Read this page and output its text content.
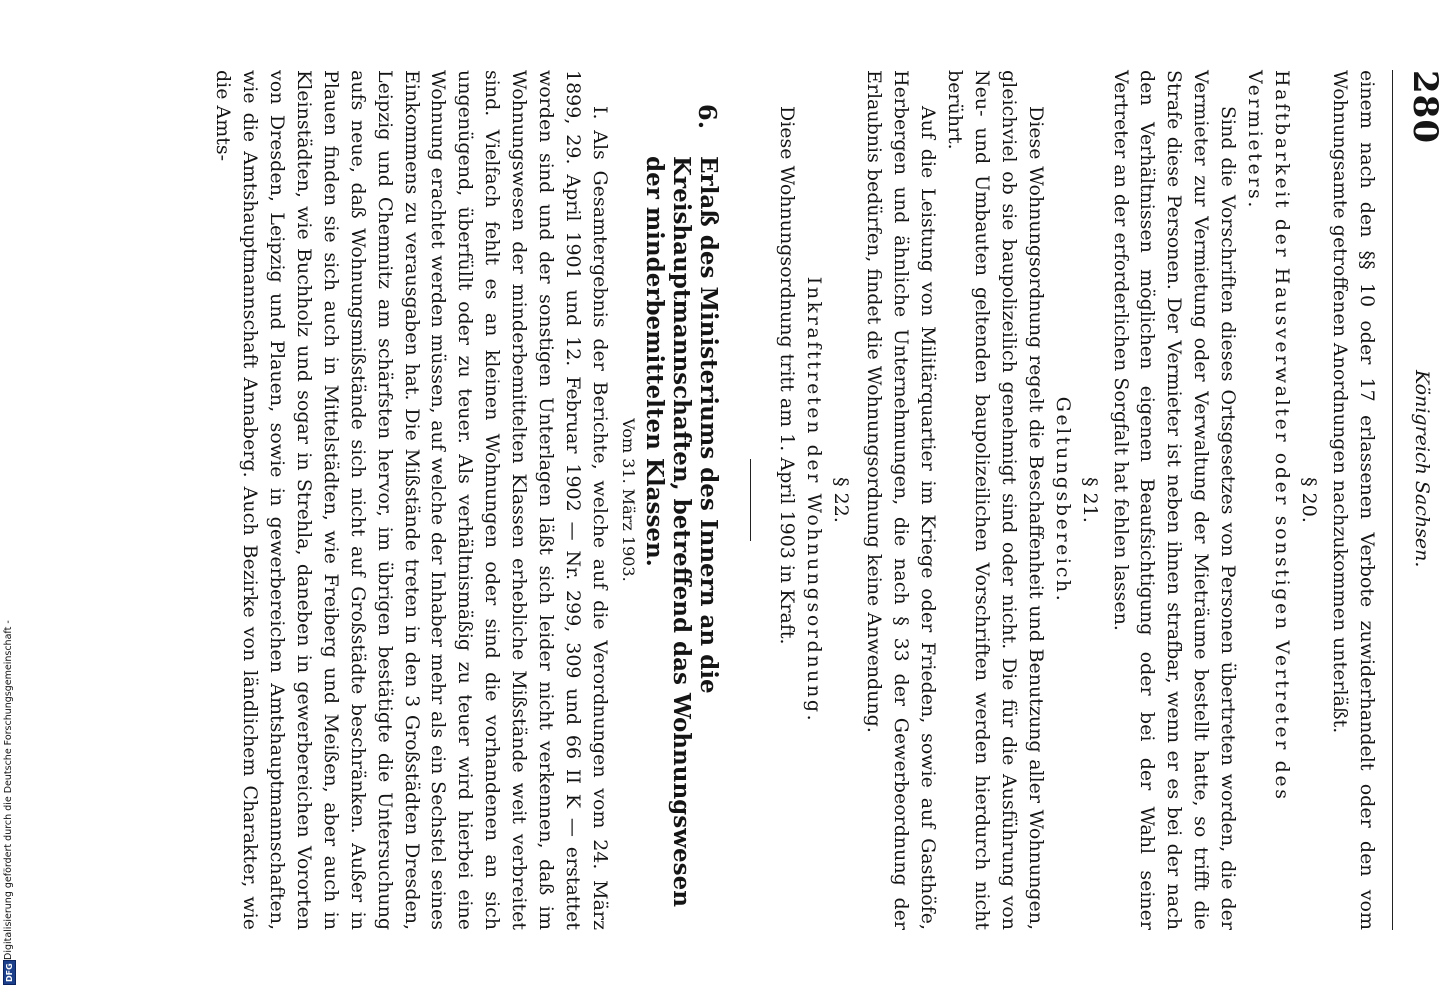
280
Königreich Sachsen.

einem nach den §§ 10 oder 17 erlassenen Verbote zuwiderhandelt oder den vom Wohnungsamte getroffenen Anordnungen nachzukommen unterläßt.

§ 20.

Haftbarkeit der Hausverwalter oder sonstigen Vertreter des Vermieters.

Sind die Vorschriften dieses Ortsgesetzes von Personen übertreten worden, die der Vermieter zur Vermietung oder Verwaltung der Mieträume bestellt hatte, so trifft die Strafe diese Personen. Der Vermieter ist neben ihnen strafbar, wenn er es bei der nach den Verhältnissen möglichen eigenen Beaufsichtigung oder bei der Wahl seiner Vertreter an der erforderlichen Sorgfalt hat fehlen lassen.

§ 21.

Geltungsbereich.

Diese Wohnungsordnung regelt die Beschaffenheit und Benutzung aller Wohnungen, gleichviel ob sie baupolizeilich genehmigt sind oder nicht. Die für die Ausführung von Neu- und Umbauten geltenden baupolizeilichen Vorschriften werden hierdurch nicht berührt.

Auf die Leistung von Militärquartier im Kriege oder Frieden, sowie auf Gasthöfe, Herbergen und ähnliche Unternehmungen, die nach § 33 der Gewerbeordnung der Erlaubnis bedürfen, findet die Wohnungsordnung keine Anwendung.

§ 22.

Inkrafttreten der Wohnungsordnung.

Diese Wohnungsordnung tritt am 1. April 1903 in Kraft.

6.

Erlaß des Ministeriums des Innern an die Kreishauptmannschaften, betreffend das Wohnungswesen der minderbemittelten Klassen.

Vom 31. März 1903.

I. Als Gesamtergebnis der Berichte, welche auf die Verordnungen vom 24. März 1899, 29. April 1901 und 12. Februar 1902 — Nr. 299, 309 und 66 II K — erstattet worden sind und der sonstigen Unterlagen läßt sich leider nicht verkennen, daß im Wohnungswesen der minderbemittelten Klassen erhebliche Mißstände weit verbreitet sind. Vielfach fehlt es an kleinen Wohnungen oder sind die vorhandenen an sich ungenügend, überfüllt oder zu teuer. Als verhältnismäßig zu teuer wird hierbei eine Wohnung erachtet werden müssen, auf welche der Inhaber mehr als ein Sechstel seines Einkommens zu verausgaben hat. Die Mißstände treten in den 3 Großstädten Dresden, Leipzig und Chemnitz am schärfsten hervor, im übrigen bestätigte die Untersuchung aufs neue, daß Wohnungsmißstände sich nicht auf Großstädte beschränken. Außer in Plauen finden sie sich auch in Mittelstädten, wie Freiberg und Meißen, aber auch in Kleinstädten, wie Buchholz und sogar in Strehla, daneben in gewerbereichen Vororten von Dresden, Leipzig und Plauen, sowie in gewerbereichen Amtshauptmannschaften, wie die Amtshauptmannschaft Annaberg. Auch Bezirke von ländlichem Charakter, wie die Amts-

DFG
Digitalisierung gefördert durch die Deutsche Forschungsgemeinschaft -
